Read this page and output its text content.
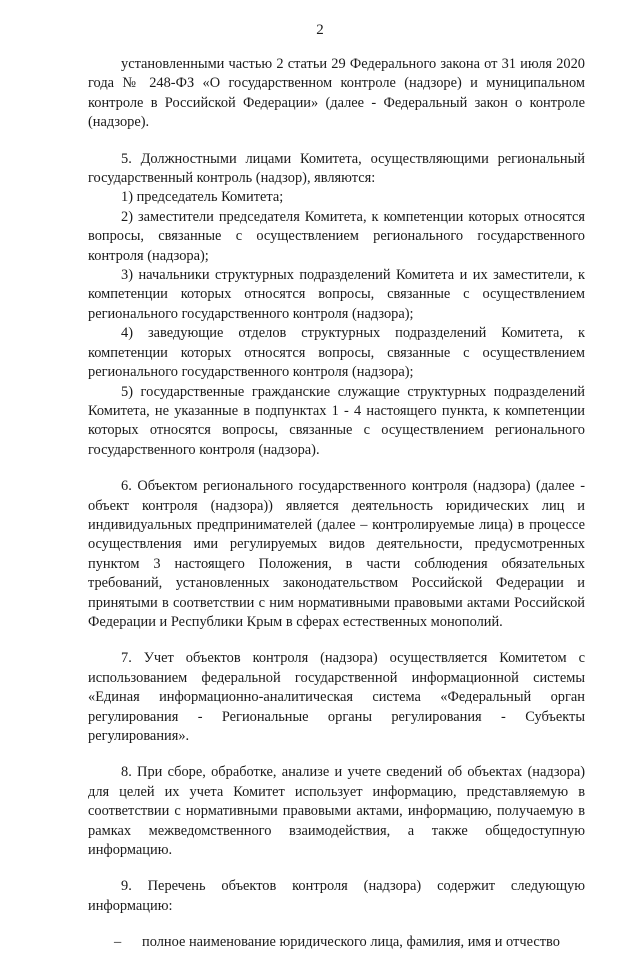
2

установленными частью 2 статьи 29 Федерального закона от 31 июля 2020 года № 248-ФЗ «О государственном контроле (надзоре) и муниципальном контроле в Российской Федерации» (далее - Федеральный закон о контроле (надзоре).

5. Должностными лицами Комитета, осуществляющими региональный государственный контроль (надзор), являются:

1) председатель Комитета;

2) заместители председателя Комитета, к компетенции которых относятся вопросы, связанные с осуществлением регионального государственного контроля (надзора);

3) начальники структурных подразделений Комитета и их заместители, к компетенции которых относятся вопросы, связанные с осуществлением регионального государственного контроля (надзора);

4) заведующие отделов структурных подразделений Комитета, к компетенции которых относятся вопросы, связанные с осуществлением регионального государственного контроля (надзора);

5) государственные гражданские служащие структурных подразделений Комитета, не указанные в подпунктах 1 - 4 настоящего пункта, к компетенции которых относятся вопросы, связанные с осуществлением регионального государственного контроля (надзора).

6. Объектом регионального государственного контроля (надзора) (далее - объект контроля (надзора)) является деятельность юридических лиц и индивидуальных предпринимателей (далее – контролируемые лица) в процессе осуществления ими регулируемых видов деятельности, предусмотренных пунктом 3 настоящего Положения, в части соблюдения обязательных требований, установленных законодательством Российской Федерации и принятыми в соответствии с ним нормативными правовыми актами Российской Федерации и Республики Крым в сферах естественных монополий.

7. Учет объектов контроля (надзора) осуществляется Комитетом с использованием федеральной государственной информационной системы «Единая информационно-аналитическая система «Федеральный орган регулирования - Региональные органы регулирования - Субъекты регулирования».

8. При сборе, обработке, анализе и учете сведений об объектах (надзора) для целей их учета Комитет использует информацию, представляемую в соответствии с нормативными правовыми актами, информацию, получаемую в рамках межведомственного взаимодействия, а также общедоступную информацию.

9. Перечень объектов контроля (надзора) содержит следующую информацию:

– полное наименование юридического лица, фамилия, имя и отчество
